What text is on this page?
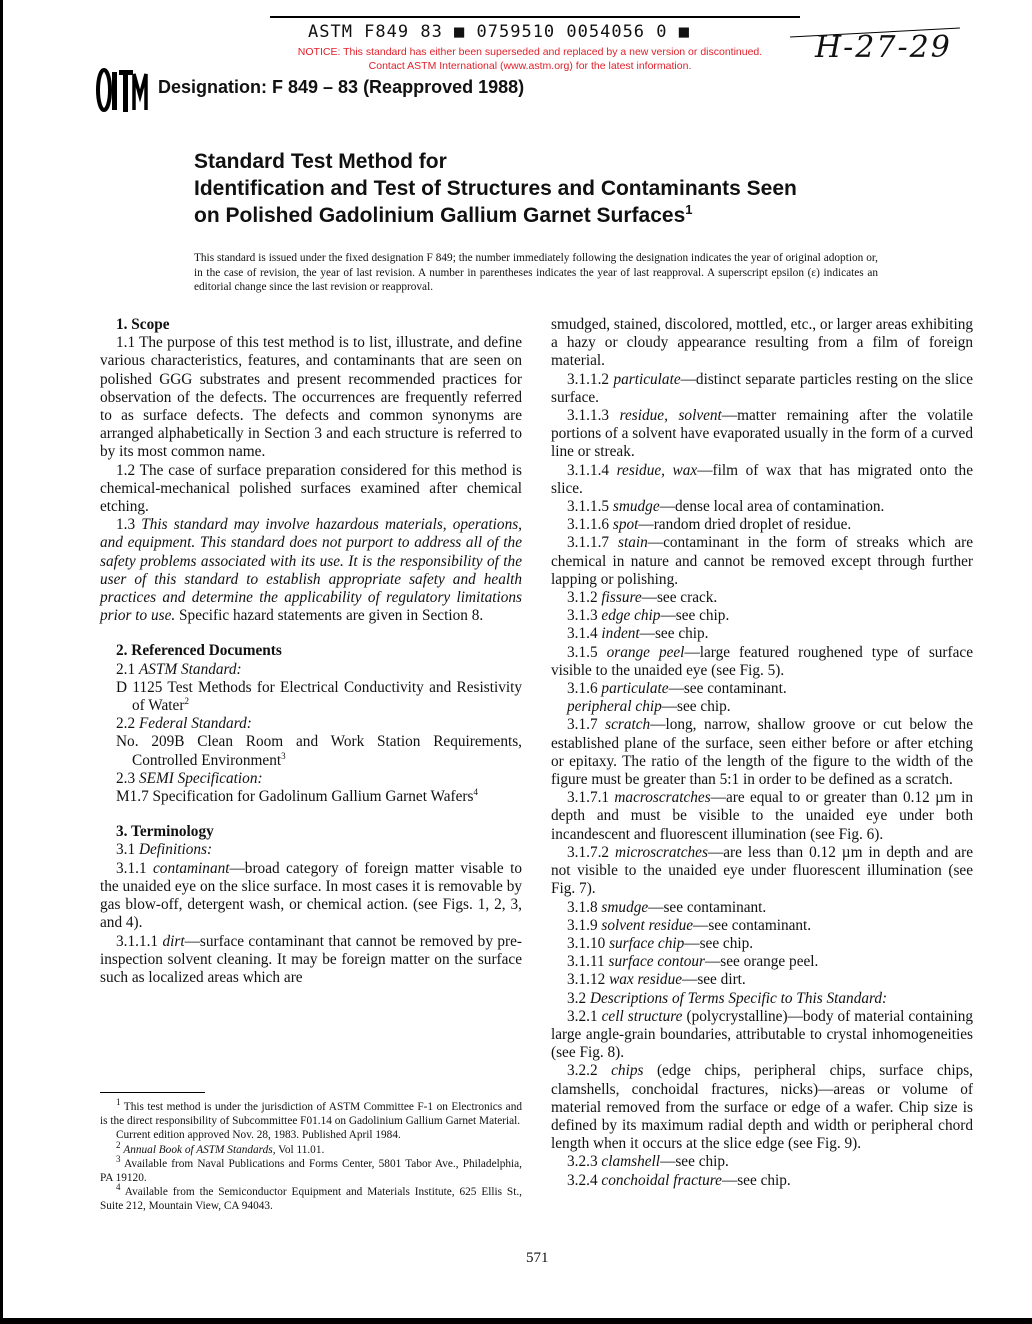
ASTM F849 83 ■ 0759510 0054056 0 ■
NOTICE: This standard has either been superseded and replaced by a new version or discontinued.
Contact ASTM International (www.astm.org) for the latest information.
H-27-29
Designation: F 849 – 83 (Reapproved 1988)
Standard Test Method for
Identification and Test of Structures and Contaminants Seen
on Polished Gadolinium Gallium Garnet Surfaces$^1$
This standard is issued under the fixed designation F 849; the number immediately following the designation indicates the year of original adoption or, in the case of revision, the year of last revision. A number in parentheses indicates the year of last reapproval. A superscript epsilon (ε) indicates an editorial change since the last revision or reapproval.
1. Scope

1.1 The purpose of this test method is to list, illustrate, and define various characteristics, features, and contaminants that are seen on polished GGG substrates and present recommended practices for observation of the defects. The occurrences are frequently referred to as surface defects. The defects and common synonyms are arranged alphabetically in Section 3 and each structure is referred to by its most common name.

1.2 The case of surface preparation considered for this method is chemical-mechanical polished surfaces examined after chemical etching.

1.3 This standard may involve hazardous materials, operations, and equipment. This standard does not purport to address all of the safety problems associated with its use. It is the responsibility of the user of this standard to establish appropriate safety and health practices and determine the applicability of regulatory limitations prior to use. Specific hazard statements are given in Section 8.

2. Referenced Documents

2.1 ASTM Standard:

D 1125 Test Methods for Electrical Conductivity and Resistivity of Water$^2$

2.2 Federal Standard:

No. 209B Clean Room and Work Station Requirements, Controlled Environment$^3$

2.3 SEMI Specification:

M1.7 Specification for Gadolinum Gallium Garnet Wafers$^4$

3. Terminology

3.1 Definitions:

3.1.1 contaminant—broad category of foreign matter visable to the unaided eye on the slice surface. In most cases it is removable by gas blow-off, detergent wash, or chemical action. (see Figs. 1, 2, 3, and 4).

3.1.1.1 dirt—surface contaminant that cannot be removed by pre-inspection solvent cleaning. It may be foreign matter on the surface such as localized areas which are

smudged, stained, discolored, mottled, etc., or larger areas exhibiting a hazy or cloudy appearance resulting from a film of foreign material.

3.1.1.2 particulate—distinct separate particles resting on the slice surface.

3.1.1.3 residue, solvent—matter remaining after the volatile portions of a solvent have evaporated usually in the form of a curved line or streak.

3.1.1.4 residue, wax—film of wax that has migrated onto the slice.

3.1.1.5 smudge—dense local area of contamination.

3.1.1.6 spot—random dried droplet of residue.

3.1.1.7 stain—contaminant in the form of streaks which are chemical in nature and cannot be removed except through further lapping or polishing.

3.1.2 fissure—see crack.

3.1.3 edge chip—see chip.

3.1.4 indent—see chip.

3.1.5 orange peel—large featured roughened type of surface visible to the unaided eye (see Fig. 5).

3.1.6 particulate—see contaminant.

peripheral chip—see chip.

3.1.7 scratch—long, narrow, shallow groove or cut below the established plane of the surface, seen either before or after etching or epitaxy. The ratio of the length of the figure to the width of the figure must be greater than 5:1 in order to be defined as a scratch.

3.1.7.1 macroscratches—are equal to or greater than 0.12 µm in depth and must be visible to the unaided eye under both incandescent and fluorescent illumination (see Fig. 6).

3.1.7.2 microscratches—are less than 0.12 µm in depth and are not visible to the unaided eye under fluorescent illumination (see Fig. 7).

3.1.8 smudge—see contaminant.

3.1.9 solvent residue—see contaminant.

3.1.10 surface chip—see chip.

3.1.11 surface contour—see orange peel.

3.1.12 wax residue—see dirt.

3.2 Descriptions of Terms Specific to This Standard:

3.2.1 cell structure (polycrystalline)—body of material containing large angle-grain boundaries, attributable to crystal inhomogeneities (see Fig. 8).

3.2.2 chips (edge chips, peripheral chips, surface chips, clamshells, conchoidal fractures, nicks)—areas or volume of material removed from the surface or edge of a wafer. Chip size is defined by its maximum radial depth and width or peripheral chord length when it occurs at the slice edge (see Fig. 9).

3.2.3 clamshell—see chip.

3.2.4 conchoidal fracture—see chip.

$^1$ This test method is under the jurisdiction of ASTM Committee F-1 on Electronics and is the direct responsibility of Subcommittee F01.14 on Gadolinium Gallium Garnet Material.

Current edition approved Nov. 28, 1983. Published April 1984.

$^2$ Annual Book of ASTM Standards, Vol 11.01.

$^3$ Available from Naval Publications and Forms Center, 5801 Tabor Ave., Philadelphia, PA 19120.

$^4$ Available from the Semiconductor Equipment and Materials Institute, 625 Ellis St., Suite 212, Mountain View, CA 94043.

571
